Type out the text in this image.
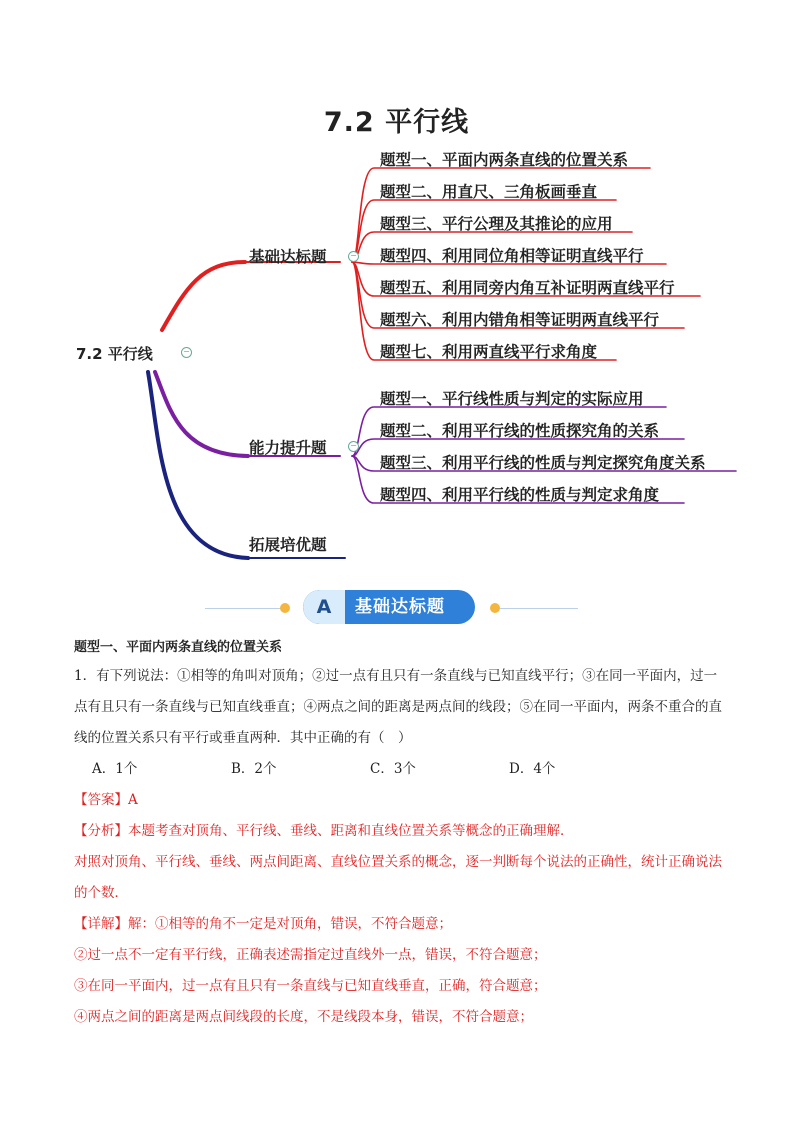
7.2 平行线
7.2 平行线	−
基础达标题	−
能力提升题	−
拓展培优题
题型一、平面内两条直线的位置关系
题型二、用直尺、三角板画垂直
题型三、平行公理及其推论的应用
题型四、利用同位角相等证明直线平行
题型五、利用同旁内角互补证明两直线平行
题型六、利用内错角相等证明两直线平行
题型七、利用两直线平行求角度
题型一、平行线性质与判定的实际应用
题型二、利用平行线的性质探究角的关系
题型三、利用平行线的性质与判定探究角度关系
题型四、利用平行线的性质与判定求角度
A	基础达标题
题型一、平面内两条直线的位置关系
1．有下列说法：①相等的角叫对顶角；②过一点有且只有一条直线与已知直线平行；③在同一平面内，过一点有且只有一条直线与已知直线垂直；④两点之间的距离是两点间的线段；⑤在同一平面内，两条不重合的直线的位置关系只有平行或垂直两种．其中正确的有（　）
A．1个	B．2个	C．3个	D．4个
【答案】A
【分析】本题考查对顶角、平行线、垂线、距离和直线位置关系等概念的正确理解．
对照对顶角、平行线、垂线、两点间距离、直线位置关系的概念，逐一判断每个说法的正确性，统计正确说法的个数．
【详解】解：①相等的角不一定是对顶角，错误，不符合题意；
②过一点不一定有平行线，正确表述需指定过直线外一点，错误，不符合题意；
③在同一平面内，过一点有且只有一条直线与已知直线垂直，正确，符合题意；
④两点之间的距离是两点间线段的长度，不是线段本身，错误，不符合题意；
